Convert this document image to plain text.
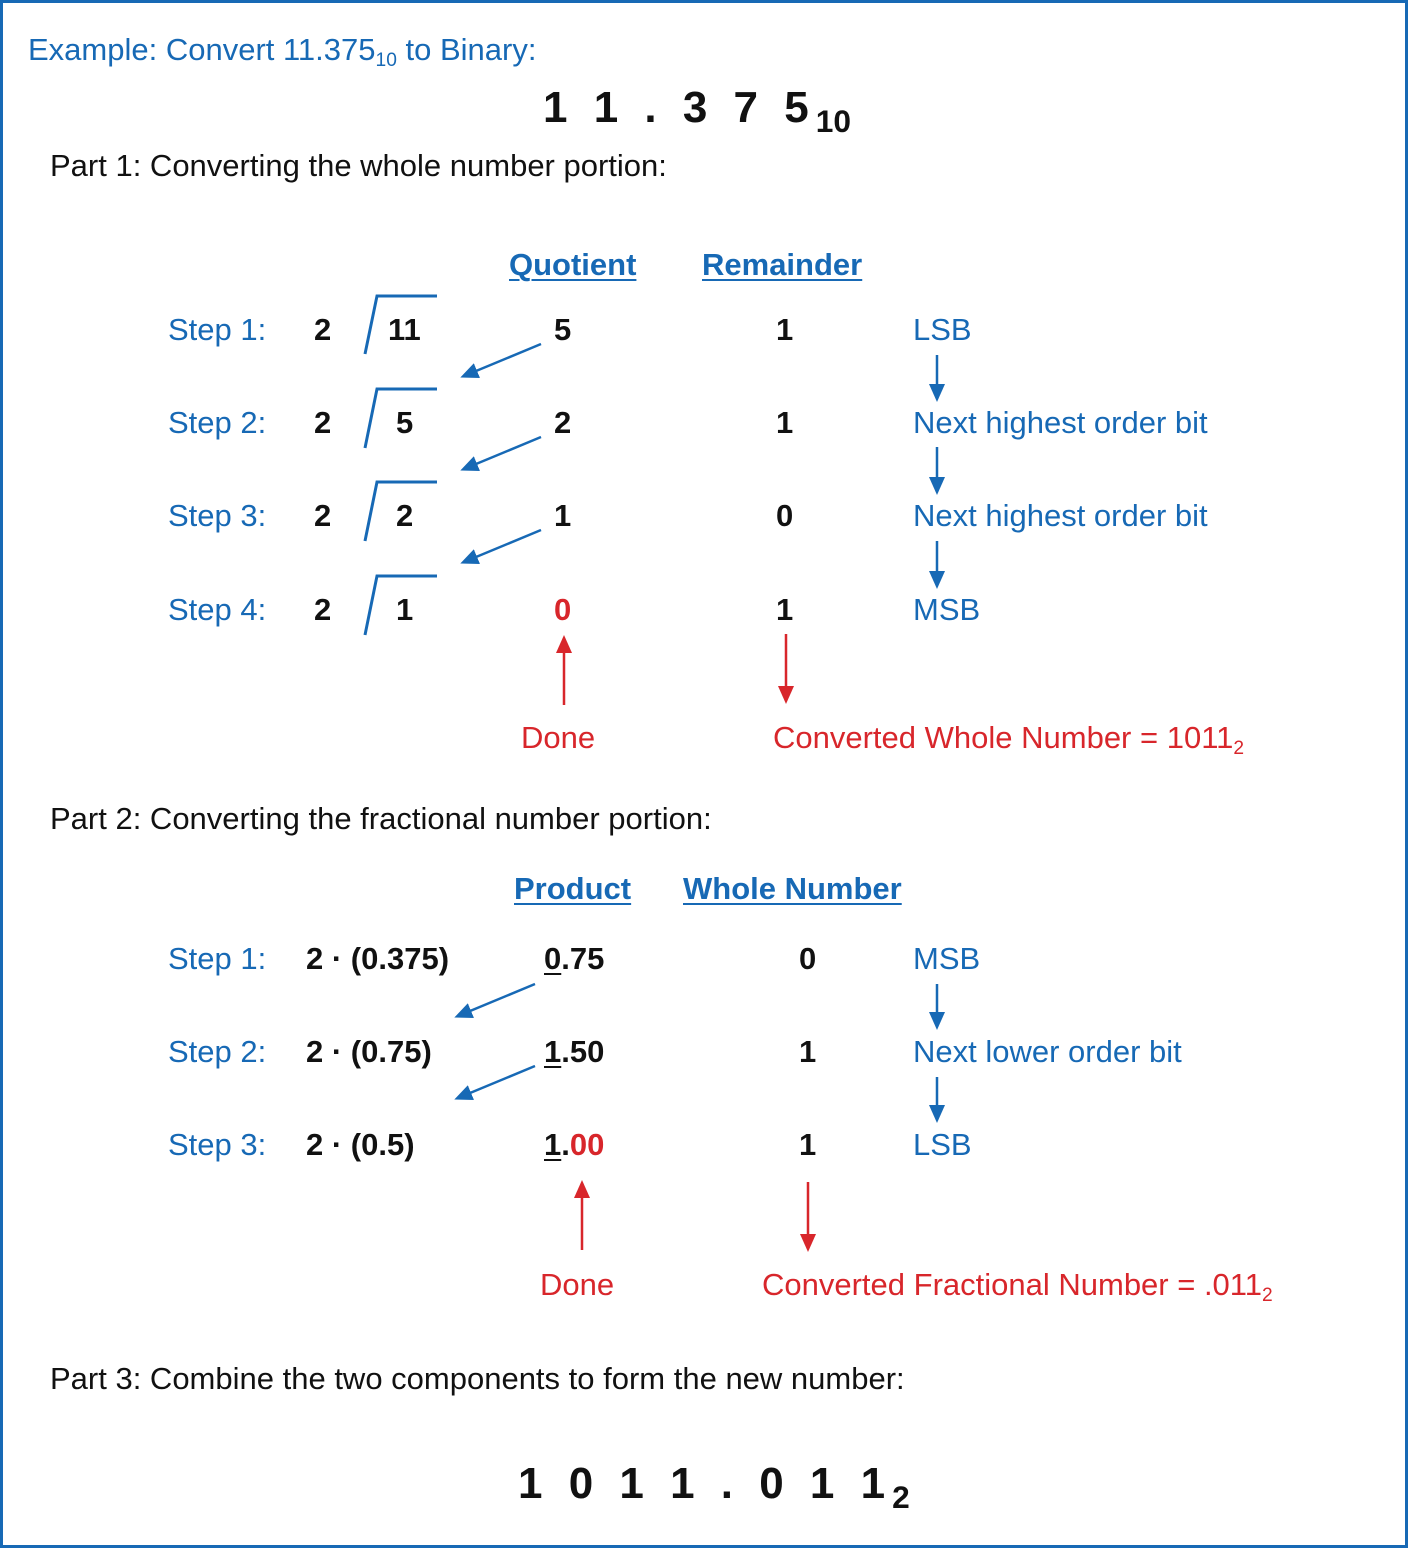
Example: Convert $11.375_{10}$ to Binary:
1 1 . 3 7 $5_{10}$
Part 1: Converting the whole number portion:
Quotient Remainder
Step 1: 2 11	5	1	LSB
Step 2: 2 5	2	1	Next highest order bit
Step 3: 2 2	1	0	Next highest order bit
Step 4: 2 1	0	1	MSB
Done	Converted Whole Number = $1011_2$
Part 2: Converting the fractional number portion:
Product Whole Number
Step 1: 2 · (0.375)	0.75	0	MSB
Step 2: 2 · (0.75)	1.50	1	Next lower order bit
Step 3: 2 · (0.5)	1.00	1	LSB
Done	Converted Fractional Number = $.011_2$
Part 3: Combine the two components to form the new number:
1 0 1 1 . 0 1 $1_2$
